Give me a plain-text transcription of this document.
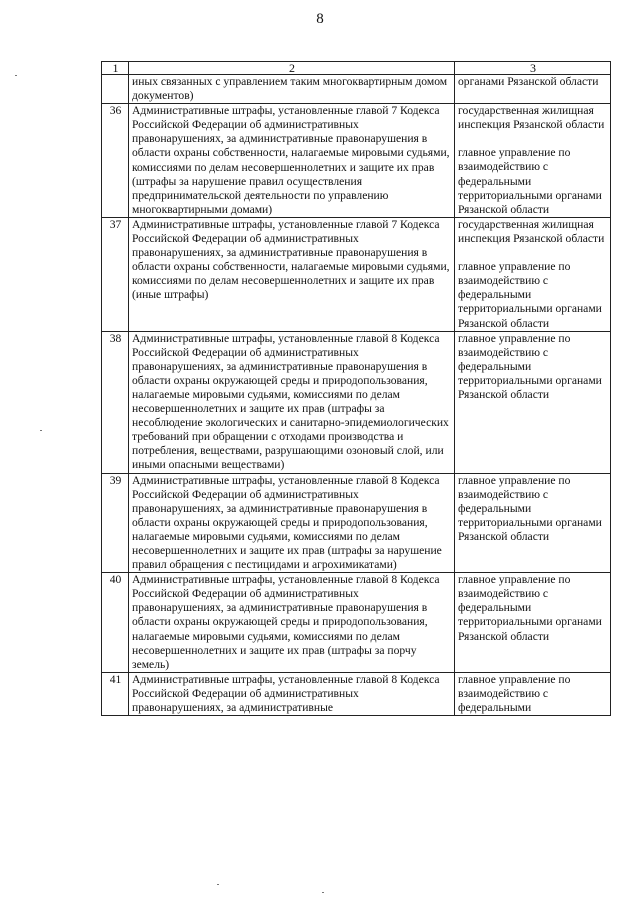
8
1	2	3
	иных связанных с управлением таким многоквартирным домом документов)	органами Рязанской области

36	Административные штрафы, установленные главой 7 Кодекса Российской Федерации об административных правонарушениях, за административные правонарушения в области охраны собственности, налагаемые мировыми судьями, комиссиями по делам несовершеннолетних и защите их прав (штрафы за нарушение правил осуществления предпринимательской деятельности по управлению многоквартирными домами)	государственная жилищная инспекция Рязанской области

главное управление по взаимодействию с федеральными территориальными органами Рязанской области

37	Административные штрафы, установленные главой 7 Кодекса Российской Федерации об административных правонарушениях, за административные правонарушения в области охраны собственности, налагаемые мировыми судьями, комиссиями по делам несовершеннолетних и защите их прав (иные штрафы)	государственная жилищная инспекция Рязанской области

главное управление по взаимодействию с федеральными территориальными органами Рязанской области

38	Административные штрафы, установленные главой 8 Кодекса Российской Федерации об административных правонарушениях, за административные правонарушения в области охраны окружающей среды и природопользования, налагаемые мировыми судьями, комиссиями по делам несовершеннолетних и защите их прав (штрафы за несоблюдение экологических и санитарно-эпидемиологических требований при обращении с отходами производства и потребления, веществами, разрушающими озоновый слой, или иными опасными веществами)	главное управление по взаимодействию с федеральными территориальными органами Рязанской области

39	Административные штрафы, установленные главой 8 Кодекса Российской Федерации об административных правонарушениях, за административные правонарушения в области охраны окружающей среды и природопользования, налагаемые мировыми судьями, комиссиями по делам несовершеннолетних и защите их прав (штрафы за нарушение правил обращения с пестицидами и агрохимикатами)	главное управление по взаимодействию с федеральными территориальными органами Рязанской области

40	Административные штрафы, установленные главой 8 Кодекса Российской Федерации об административных правонарушениях, за административные правонарушения в области охраны окружающей среды и природопользования, налагаемые мировыми судьями, комиссиями по делам несовершеннолетних и защите их прав (штрафы за порчу земель)	главное управление по взаимодействию с федеральными территориальными органами Рязанской области

41	Административные штрафы, установленные главой 8 Кодекса Российской Федерации об административных правонарушениях, за административные	главное управление по взаимодействию с федеральными
